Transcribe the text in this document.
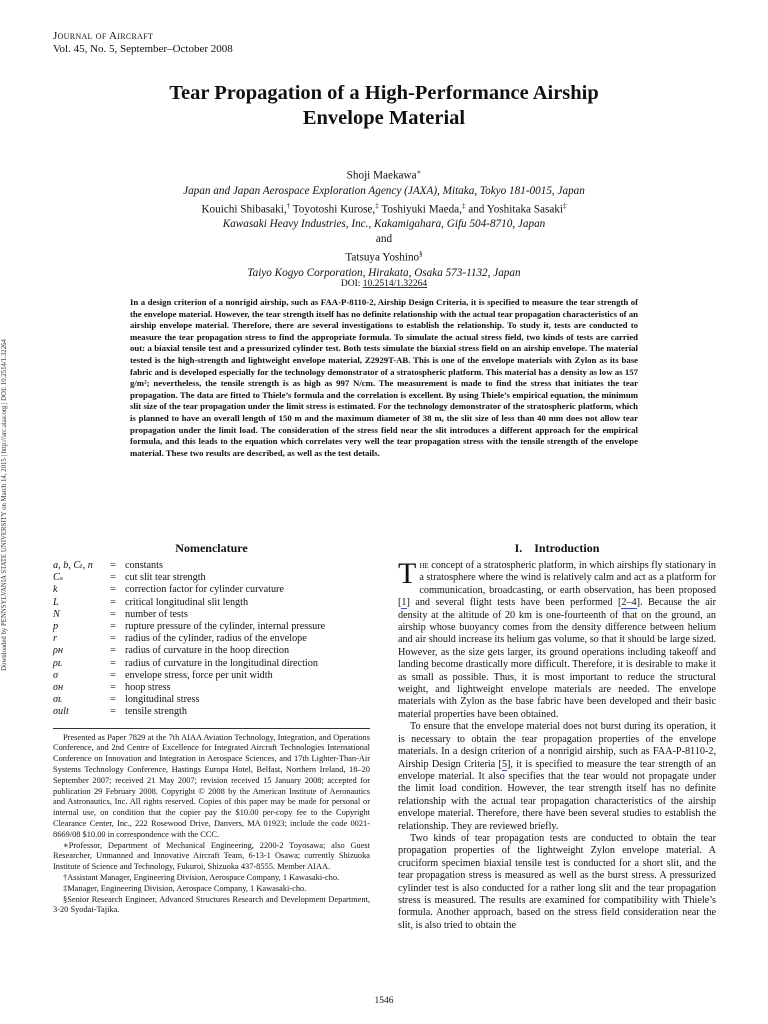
Downloaded by PENNSYLVANIA STATE UNIVERSITY on March 14, 2015 | http://arc.aiaa.org | DOI: 10.2514/1.32264
Journal of Aircraft
Vol. 45, No. 5, September–October 2008
Tear Propagation of a High-Performance Airship
Envelope Material
Shoji Maekawa∗
Japan and Japan Aerospace Exploration Agency (JAXA), Mitaka, Tokyo 181-0015, Japan
Kouichi Shibasaki,† Toyotoshi Kurose,‡ Toshiyuki Maeda,‡ and Yoshitaka Sasaki‡
Kawasaki Heavy Industries, Inc., Kakamigahara, Gifu 504-8710, Japan
and
Tatsuya Yoshino§
Taiyo Kogyo Corporation, Hirakata, Osaka 573-1132, Japan
DOI: 10.2514/1.32264

In a design criterion of a nonrigid airship, such as FAA-P-8110-2, Airship Design Criteria, it is specified to measure the tear strength of the envelope material. However, the tear strength itself has no definite relationship with the actual tear propagation characteristics of an airship envelope material. Therefore, there are several investigations to establish the relationship. To study it, tests are conducted to measure the tear propagation stress to find the appropriate formula. To simulate the actual stress field, two kinds of tests are carried out: a biaxial tensile test and a pressurized cylinder test. Both tests simulate the biaxial stress field on an airship envelope. The material tested is the high-strength and lightweight envelope material, Z2929T-AB. This is one of the envelope materials with Zylon as its base fabric and is developed especially for the technology demonstrator of a stratospheric platform. This material has a density as low as 157 g/m²; nevertheless, the tensile strength is as high as 997 N/cm. The measurement is made to find the stress that initiates the tear propagation. The data are fitted to Thiele’s formula and the correlation is excellent. By using Thiele’s empirical equation, the minimum slit size of the tear propagation under the limit stress is estimated. For the technology demonstrator of the stratospheric platform, which is planned to have an overall length of 150 m and the maximum diameter of 38 m, the slit size of less than 40 mm does not allow tear propagation under the limit load. The consideration of the stress field near the slit introduces a different approach for the empirical formula, and this leads to the equation which correlates very well the tear propagation stress with the tensile strength of the envelope material. These two results are described, as well as the test details.

Nomenclature
a, b, Cₜ, n	=	constants
Cₛ	=	cut slit tear strength
k	=	correction factor for cylinder curvature
L	=	critical longitudinal slit length
N	=	number of tests
p	=	rupture pressure of the cylinder, internal pressure
r	=	radius of the cylinder, radius of the envelope
ρʜ	=	radius of curvature in the hoop direction
ρʟ	=	radius of curvature in the longitudinal direction
σ	=	envelope stress, force per unit width
σʜ	=	hoop stress
σʟ	=	longitudinal stress
σult	=	tensile strength

Presented as Paper 7829 at the 7th AIAA Aviation Technology, Integration, and Operations Conference, and 2nd Centre of Excellence for Integrated Aircraft Technologies International Conference on Innovation and Integration in Aerospace Sciences, and 17th Lighter-Than-Air Systems Technology Conference, Hastings Europa Hotel, Belfast, Northern Ireland, 18–20 September 2007; received 21 May 2007; revision received 15 January 2008; accepted for publication 29 February 2008. Copyright © 2008 by the American Institute of Aeronautics and Astronautics, Inc. All rights reserved. Copies of this paper may be made for personal or internal use, on condition that the copier pay the $10.00 per-copy fee to the Copyright Clearance Center, Inc., 222 Rosewood Drive, Danvers, MA 01923; include the code 0021-8669/08 $10.00 in correspondence with the CCC.

∗Professor, Department of Mechanical Engineering, 2200-2 Toyosawa; also Guest Researcher, Unmanned and Innovative Aircraft Team, 6-13-1 Osawa; currently Shizuoka Institute of Science and Technology, Fukuroi, Shizuoka 437-8555. Member AIAA.

†Assistant Manager, Engineering Division, Aerospace Company, 1 Kawasaki-cho.

‡Manager, Engineering Division, Aerospace Company, 1 Kawasaki-cho.

§Senior Research Engineer, Advanced Structures Research and Development Department, 3-20 Syodai-Tajika.

I. Introduction

The concept of a stratospheric platform, in which airships fly stationary in a stratosphere where the wind is relatively calm and act as a platform for communication, broadcasting, or earth observation, has been proposed [1] and several flight tests have been performed [2–4]. Because the air density at the altitude of 20 km is one-fourteenth of that on the ground, an airship whose buoyancy comes from the density difference between helium and air should increase its helium gas volume, so that it should be large sized. However, as the size gets larger, its ground operations including takeoff and landing become drastically more difficult. Therefore, it is desirable to make it as small as possible. Thus, it is most important to reduce the structural weight, and lightweight envelope materials are needed. The envelope materials with Zylon as the base fabric have been developed and their basic material properties have been obtained.

To ensure that the envelope material does not burst during its operation, it is necessary to obtain the tear propagation properties of the envelope materials. In a design criterion of a nonrigid airship, such as FAA-P-8110-2, Airship Design Criteria [5], it is specified to measure the tear strength of an envelope material. It also specifies that the tear would not propagate under the limit load condition. However, the tear strength itself has no definite relationship with the actual tear propagation characteristics of the airship envelope material. Therefore, there have been several studies to establish the relationship. They are reviewed briefly.

Two kinds of tear propagation tests are conducted to obtain the tear propagation properties of the lightweight Zylon envelope material. A cruciform specimen biaxial tensile test is conducted for a short slit, and the tear propagation stress is measured as well as the burst stress. A pressurized cylinder test is also conducted for a rather long slit and the tear propagation stress is measured. The results are examined for compatibility with Thiele’s formula. Another approach, based on the stress field consideration near the slit, is also tried to obtain the

1546
